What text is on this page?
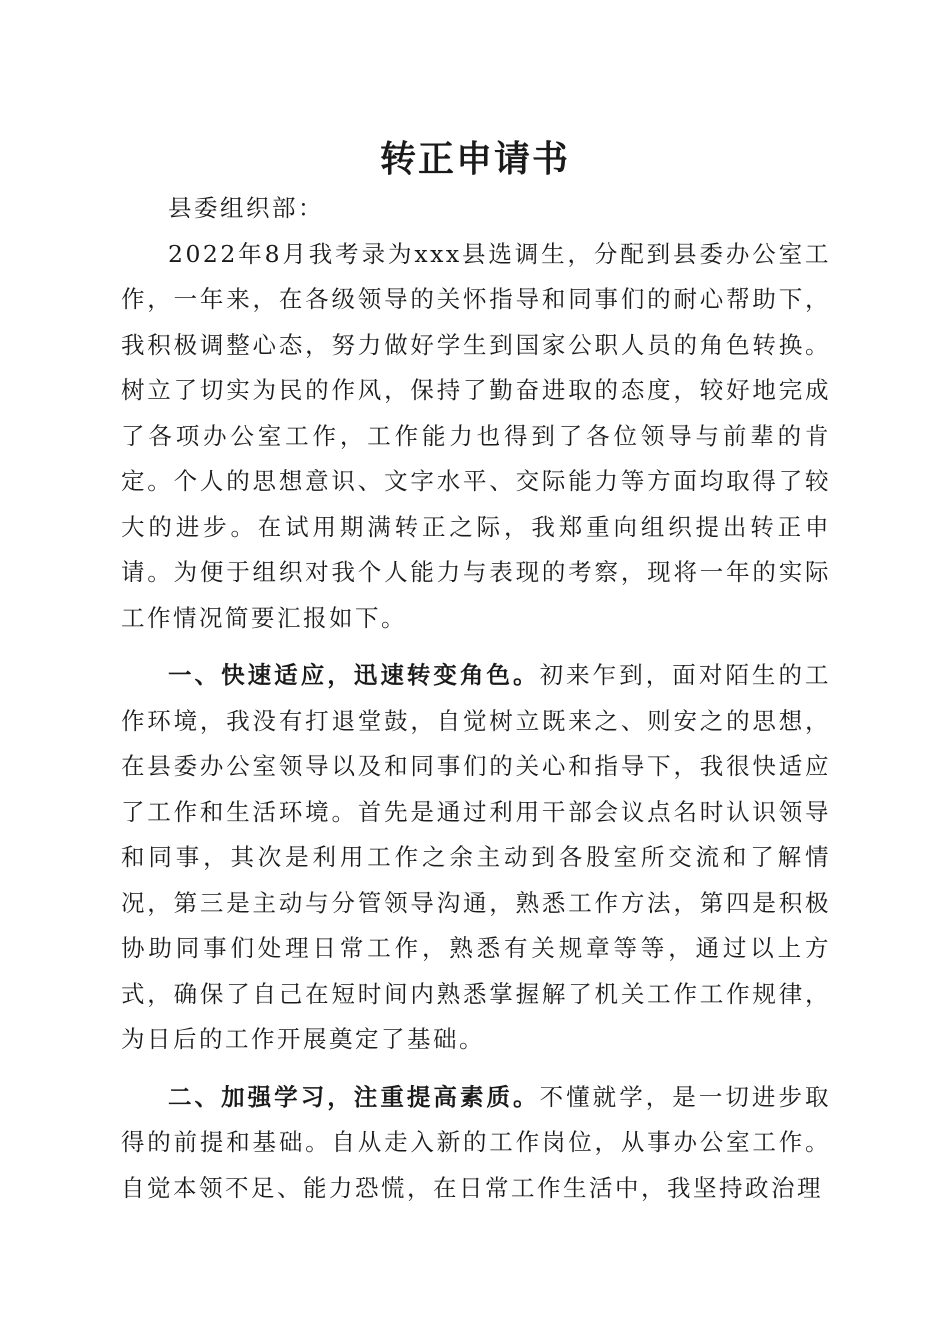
转正申请书

县委组织部：

2022年8月我考录为xxx县选调生，分配到县委办公室工作，一年来，在各级领导的关怀指导和同事们的耐心帮助下，我积极调整心态，努力做好学生到国家公职人员的角色转换。树立了切实为民的作风，保持了勤奋进取的态度，较好地完成了各项办公室工作，工作能力也得到了各位领导与前辈的肯定。个人的思想意识、文字水平、交际能力等方面均取得了较大的进步。在试用期满转正之际，我郑重向组织提出转正申请。为便于组织对我个人能力与表现的考察，现将一年的实际工作情况简要汇报如下。

一、快速适应，迅速转变角色。初来乍到，面对陌生的工作环境，我没有打退堂鼓，自觉树立既来之、则安之的思想，在县委办公室领导以及和同事们的关心和指导下，我很快适应了工作和生活环境。首先是通过利用干部会议点名时认识领导和同事，其次是利用工作之余主动到各股室所交流和了解情况，第三是主动与分管领导沟通，熟悉工作方法，第四是积极协助同事们处理日常工作，熟悉有关规章等等，通过以上方式，确保了自己在短时间内熟悉掌握解了机关工作工作规律，为日后的工作开展奠定了基础。

二、加强学习，注重提高素质。不懂就学，是一切进步取得的前提和基础。自从走入新的工作岗位，从事办公室工作。自觉本领不足、能力恐慌，在日常工作生活中，我坚持政治理
